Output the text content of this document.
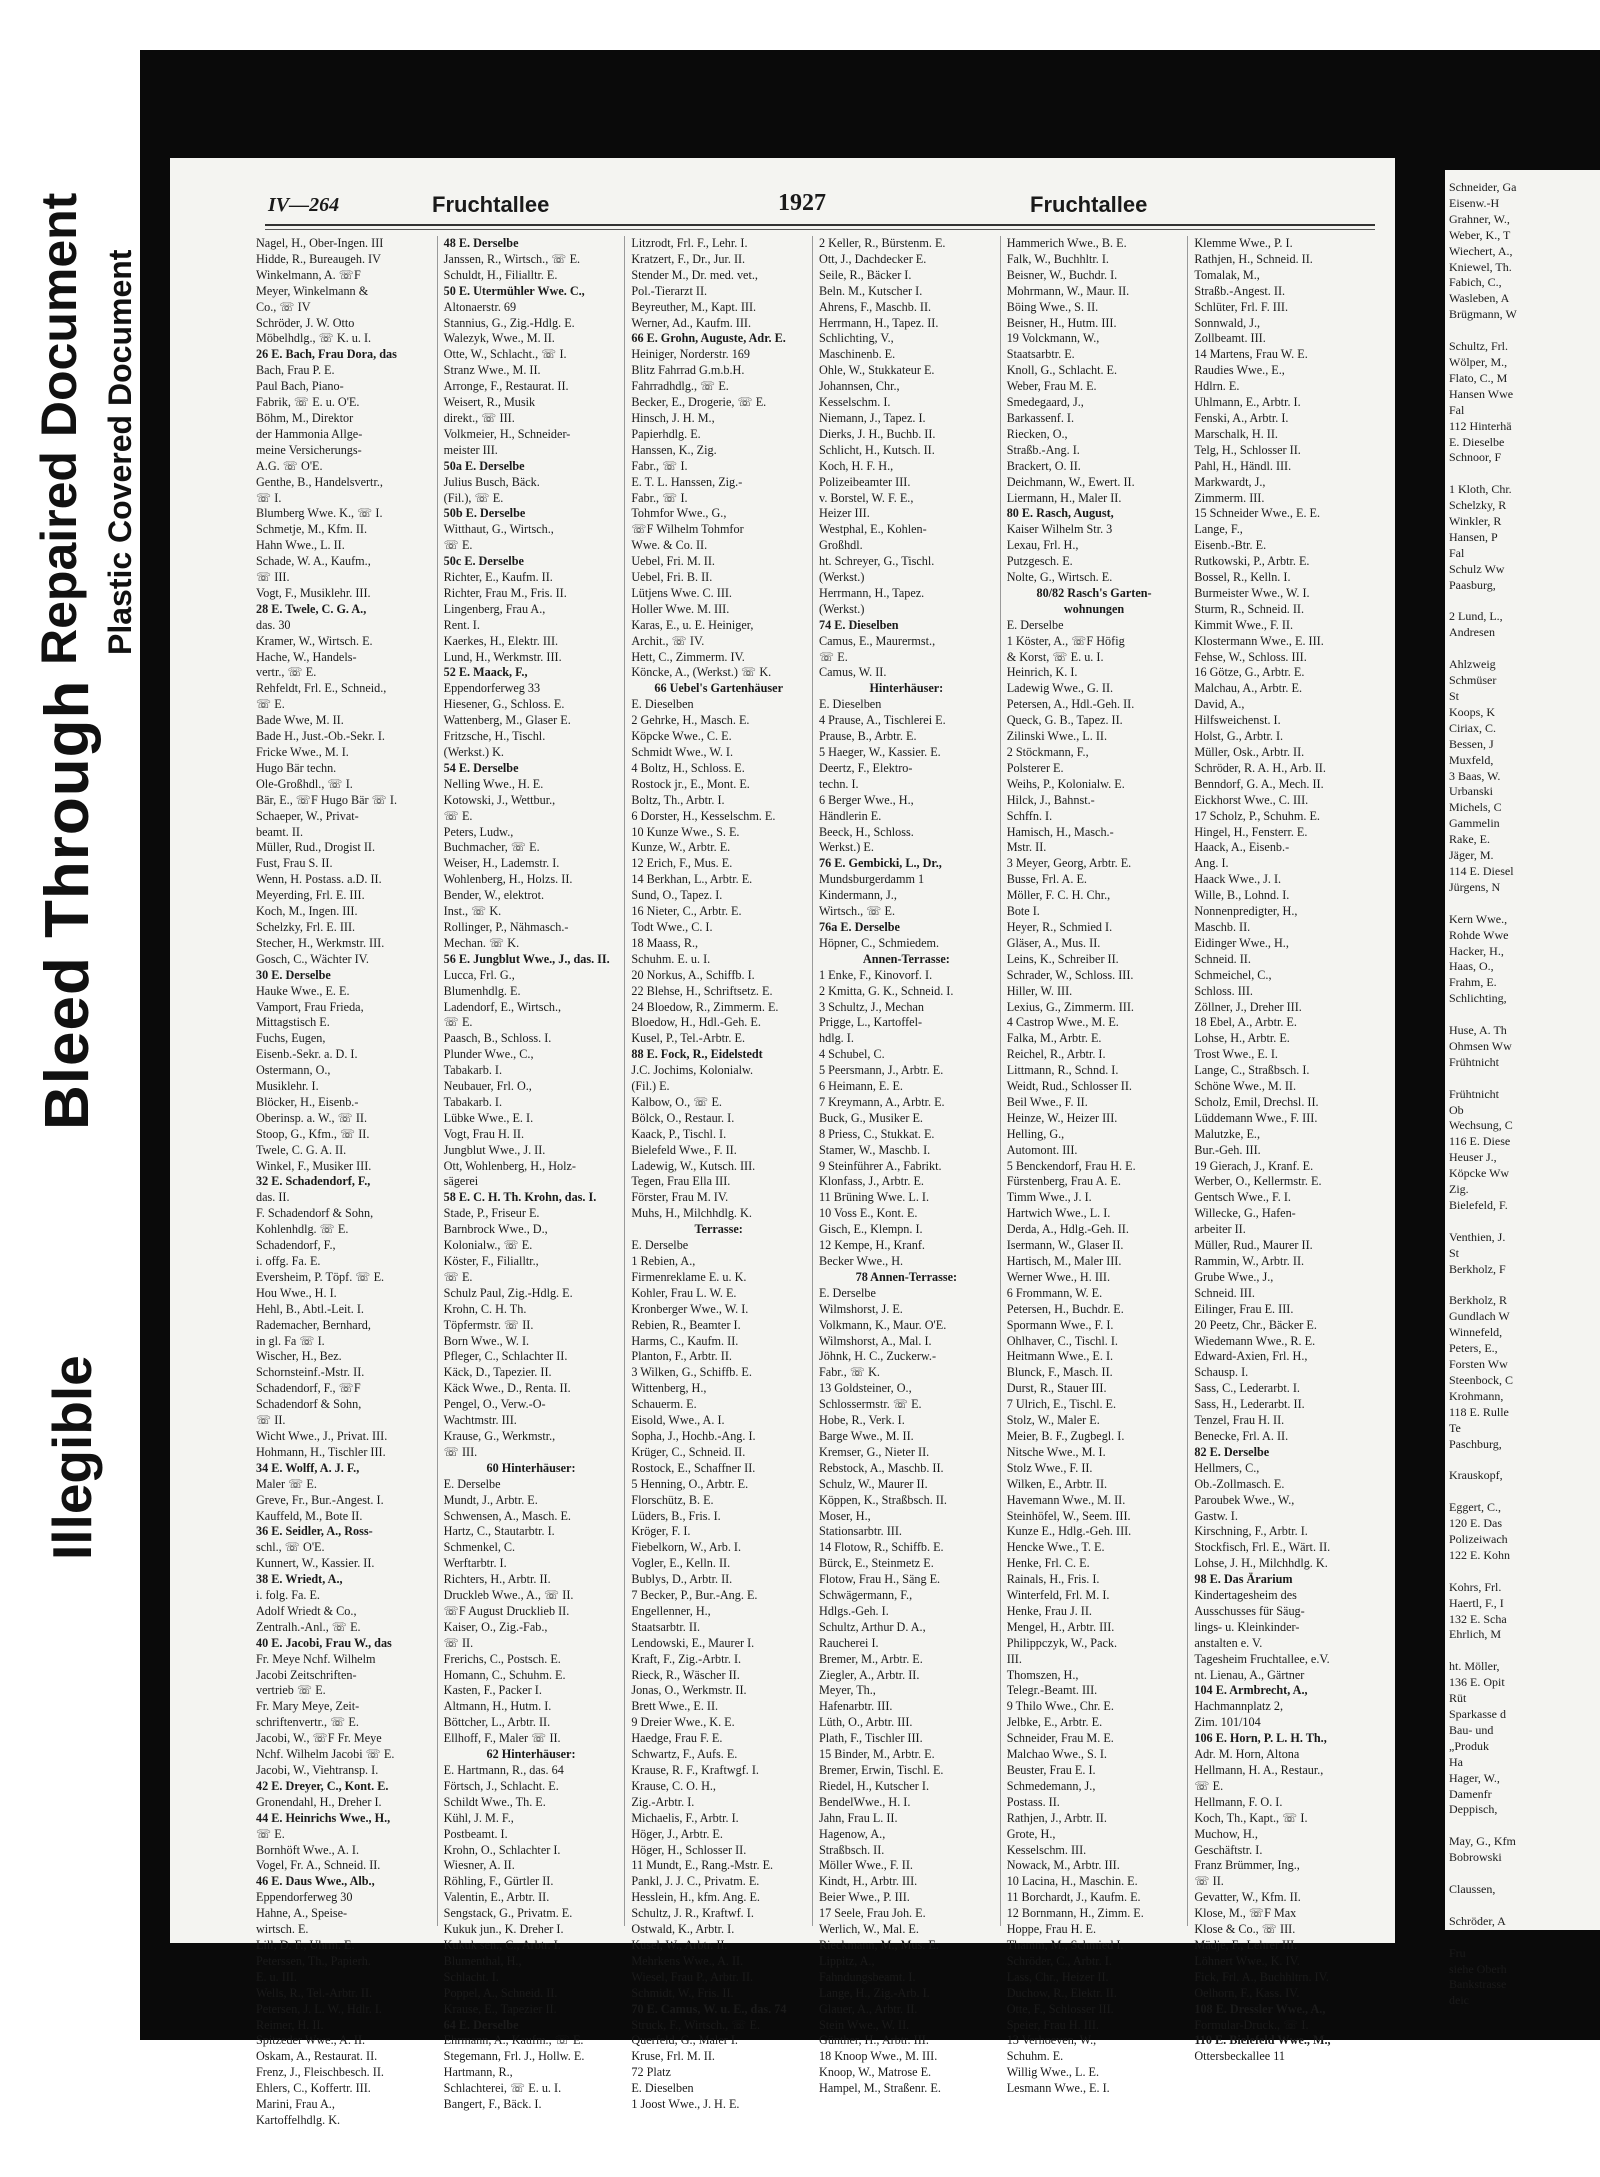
Bleed Through
Repaired Document
Illegible
Plastic Covered Document
IV—264	Fruchtallee	1927	Fruchtallee
Nagel, H., Ober-Ingen. III
Hidde, R., Bureaugeh. IV
Winkelmann, A. ☏F
Meyer, Winkelmann &
Co., ☏ IV
Schröder, J. W. Otto
Möbelhdlg., ☏ K. u. I.
26 E. Bach, Frau Dora, das
Bach, Frau P. E.
Paul Bach, Piano-
Fabrik, ☏ E. u. O'E.
Böhm, M., Direktor
der Hammonia Allge-
meine Versicherungs-
A.G. ☏ O'E.
Genthe, B., Handelsvertr.,
☏ I.
Blumberg Wwe. K., ☏ I.
Schmetje, M., Kfm. II.
Hahn Wwe., L. II.
Schade, W. A., Kaufm.,
☏ III.
Vogt, F., Musiklehr. III.
28 E. Twele, C. G. A.,
das. 30
Kramer, W., Wirtsch. E.
Hache, W., Handels-
vertr., ☏ E.
Rehfeldt, Frl. E., Schneid.,
☏ E.
Bade Wwe, M. II.
Bade H., Just.-Ob.-Sekr. I.
Fricke Wwe., M. I.
Hugo Bär techn.
Ole-Großhdl., ☏ I.
Bär, E., ☏F Hugo Bär ☏ I.
Schaeper, W., Privat-
beamt. II.
Müller, Rud., Drogist II.
Fust, Frau S. II.
Wenn, H. Postass. a.D. II.
Meyerding, Frl. E. III.
Koch, M., Ingen. III.
Schelzky, Frl. E. III.
Stecher, H., Werkmstr. III.
Gosch, C., Wächter IV.
30 E. Derselbe
Hauke Wwe., E. E.
Vamport, Frau Frieda,
Mittagstisch E.
Fuchs, Eugen,
Eisenb.-Sekr. a. D. I.
Ostermann, O.,
Musiklehr. I.
Blöcker, H., Eisenb.-
Oberinsp. a. W., ☏ II.
Stoop, G., Kfm., ☏ II.
Twele, C. G. A. II.
Winkel, F., Musiker III.
32 E. Schadendorf, F.,
das. II.
F. Schadendorf & Sohn,
Kohlenhdlg. ☏ E.
Schadendorf, F.,
i. offg. Fa. E.
Eversheim, P. Töpf. ☏ E.
Hou Wwe., H. I.
Hehl, B., Abtl.-Leit. I.
Rademacher, Bernhard,
in gl. Fa ☏ I.
Wischer, H., Bez.
Schornsteinf.-Mstr. II.
Schadendorf, F., ☏F
Schadendorf & Sohn,
☏ II.
Wicht Wwe., J., Privat. III.
Hohmann, H., Tischler III.
34 E. Wolff, A. J. F.,
Maler ☏ E.
Greve, Fr., Bur.-Angest. I.
Kauffeld, M., Bote II.
36 E. Seidler, A., Ross-
schl., ☏ O'E.
Kunnert, W., Kassier. II.
38 E. Wriedt, A.,
i. folg. Fa. E.
Adolf Wriedt & Co.,
Zentralh.-Anl., ☏ E.
40 E. Jacobi, Frau W., das
Fr. Meye Nchf. Wilhelm
Jacobi Zeitschriften-
vertrieb ☏ E.
Fr. Mary Meye, Zeit-
schriftenvertr., ☏ E.
Jacobi, W., ☏F Fr. Meye
Nchf. Wilhelm Jacobi ☏ E.
Jacobi, W., Viehtransp. I.
42 E. Dreyer, C., Kont. E.
Gronendahl, H., Dreher I.
44 E. Heinrichs Wwe., H.,
☏ E.
Bornhöft Wwe., A. I.
Vogel, Fr. A., Schneid. II.
46 E. Daus Wwe., Alb.,
Eppendorferweg 30
Hahne, A., Speise-
wirtsch. E.
Lill, D. F., Uhrm. E.
Peterssen, Th., Papierh.
E. u. III.
Wells, R., Tel.-Arbtr. II.
Petersen, J. L. W., Hdlr. I.
Reimer, H. II.
Spitzeder Wwe., A. II.
Oskam, A., Restaurat. II.
Frenz, J., Fleischbesch. II.
Ehlers, C., Koffertr. III.
Marini, Frau A.,
Kartoffelhdlg. K.
48 E. Derselbe
Janssen, R., Wirtsch., ☏ E.
Schuldt, H., Filialltr. E.
50 E. Utermühler Wwe. C.,
Altonaerstr. 69
Stannius, G., Zig.-Hdlg. E.
Walezyk, Wwe., M. II.
Otte, W., Schlacht., ☏ I.
Stranz Wwe., M. II.
Arronge, F., Restaurat. II.
Weisert, R., Musik
direkt., ☏ III.
Volkmeier, H., Schneider-
meister III.
50a E. Derselbe
Julius Busch, Bäck.
(Fil.), ☏ E.
50b E. Derselbe
Witthaut, G., Wirtsch.,
☏ E.
50c E. Derselbe
Richter, E., Kaufm. II.
Richter, Frau M., Fris. II.
Lingenberg, Frau A.,
Rent. I.
Kaerkes, H., Elektr. III.
Lund, H., Werkmstr. III.
52 E. Maack, F.,
Eppendorferweg 33
Hiesener, G., Schloss. E.
Wattenberg, M., Glaser E.
Fritzsche, H., Tischl.
(Werkst.) K.
54 E. Derselbe
Nelling Wwe., H. E.
Kotowski, J., Wettbur.,
☏ E.
Peters, Ludw.,
Buchmacher, ☏ E.
Weiser, H., Lademstr. I.
Wohlenberg, H., Holzs. II.
Bender, W., elektrot.
Inst., ☏ K.
Rollinger, P., Nähmasch.-
Mechan. ☏ K.
56 E. Jungblut Wwe., J., das. II.
Lucca, Frl. G.,
Blumenhdlg. E.
Ladendorf, E., Wirtsch.,
☏ E.
Paasch, B., Schloss. I.
Plunder Wwe., C.,
Tabakarb. I.
Neubauer, Frl. O.,
Tabakarb. I.
Lübke Wwe., E. I.
Vogt, Frau H. II.
Jungblut Wwe., J. II.
Ott, Wohlenberg, H., Holz-
sägerei
58 E. C. H. Th. Krohn, das. I.
Stade, P., Friseur E.
Barnbrock Wwe., D.,
Kolonialw., ☏ E.
Köster, F., Filialltr.,
☏ E.
Schulz Paul, Zig.-Hdlg. E.
Krohn, C. H. Th.
Töpfermstr. ☏ II.
Born Wwe., W. I.
Pfleger, C., Schlachter II.
Käck, D., Tapezier. II.
Käck Wwe., D., Renta. II.
Pengel, O., Verw.-O-
Wachtmstr. III.
Krause, G., Werkmstr.,
☏ III.
60 Hinterhäuser:
E. Derselbe
Mundt, J., Arbtr. E.
Schwensen, A., Masch. E.
Hartz, C., Stautarbtr. I.
Schmenkel, C.
Werftarbtr. I.
Richters, H., Arbtr. II.
Druckleb Wwe., A., ☏ II.
☏F August Drucklieb II.
Kaiser, O., Zig.-Fab.,
☏ II.
Frerichs, C., Postsch. E.
Homann, C., Schuhm. E.
Kasten, F., Packer I.
Altmann, H., Hutm. I.
Böttcher, L., Arbtr. II.
Ellhoff, F., Maler ☏ II.
62 Hinterhäuser:
E. Hartmann, R., das. 64
Förtsch, J., Schlacht. E.
Schildt Wwe., Th. E.
Kühl, J. M. F.,
Postbeamt. I.
Krohn, O., Schlachter I.
Wiesner, A. II.
Röhling, F., Gürtler II.
Valentin, E., Arbtr. II.
Sengstack, G., Privatm. E.
Kukuk jun., K. Dreher I.
Kukuk sen., C., Arbtr. I.
Blumenthal, H.,
Schlacht. I.
Poppel, A., Schneid. II.
Krause, E., Tapezier II.
64 E. Derselbe
Ehrmann, A., Kaufm., ☏ E.
Stegemann, Frl. J., Hollw. E.
Hartmann, R.,
Schlachterei, ☏ E. u. I.
Bangert, F., Bäck. I.
Litzrodt, Frl. F., Lehr. I.
Kratzert, F., Dr., Jur. II.
Stender M., Dr. med. vet.,
Pol.-Tierarzt II.
Beyreuther, M., Kapt. III.
Werner, Ad., Kaufm. III.
66 E. Grohn, Auguste, Adr. E.
Heiniger, Norderstr. 169
Blitz Fahrrad G.m.b.H.
Fahrradhdlg., ☏ E.
Becker, E., Drogerie, ☏ E.
Hinsch, J. H. M.,
Papierhdlg. E.
Hanssen, K., Zig.
Fabr., ☏ I.
E. T. L. Hanssen, Zig.-
Fabr., ☏ I.
Tohmfor Wwe., G.,
☏F Wilhelm Tohmfor
Wwe. & Co. II.
Uebel, Fri. M. II.
Uebel, Fri. B. II.
Lütjens Wwe. C. III.
Holler Wwe. M. III.
Karas, E., u. E. Heiniger,
Archit., ☏ IV.
Hett, C., Zimmerm. IV.
Köncke, A., (Werkst.) ☏ K.
66 Uebel's Gartenhäuser
E. Dieselben
2 Gehrke, H., Masch. E.
Köpcke Wwe., C. E.
Schmidt Wwe., W. I.
4 Boltz, H., Schloss. E.
Rostock jr., E., Mont. E.
Boltz, Th., Arbtr. I.
6 Dorster, H., Kesselschm. E.
10 Kunze Wwe., S. E.
Kunze, W., Arbtr. E.
12 Erich, F., Mus. E.
14 Berkhan, L., Arbtr. E.
Sund, O., Tapez. I.
16 Nieter, C., Arbtr. E.
Todt Wwe., C. I.
18 Maass, R.,
Schuhm. E. u. I.
20 Norkus, A., Schiffb. I.
22 Blehse, H., Schriftsetz. E.
24 Bloedow, R., Zimmerm. E.
Bloedow, H., Hdl.-Geh. E.
Kusel, P., Tel.-Arbtr. E.
88 E. Fock, R., Eidelstedt
J.C. Jochims, Kolonialw.
(Fil.) E.
Kalbow, O., ☏ E.
Bölck, O., Restaur. I.
Kaack, P., Tischl. I.
Bielefeld Wwe., F. II.
Ladewig, W., Kutsch. III.
Tegen, Frau Ella III.
Förster, Frau M. IV.
Muhs, H., Milchhdlg. K.
Terrasse:
E. Derselbe
1 Rebien, A.,
Firmenreklame E. u. K.
Kohler, Frau L. W. E.
Kronberger Wwe., W. I.
Rebien, R., Beamter I.
Harms, C., Kaufm. II.
Planton, F., Arbtr. II.
3 Wilken, G., Schiffb. E.
Wittenberg, H.,
Schauerm. E.
Eisold, Wwe., A. I.
Sopha, J., Hochb.-Ang. I.
Krüger, C., Schneid. II.
Rostock, E., Schaffner II.
5 Henning, O., Arbtr. E.
Florschütz, B. E.
Lüders, B., Fris. I.
Kröger, F. I.
Fiebelkorn, W., Arb. I.
Vogler, E., Kelln. II.
Bublys, D., Arbtr. II.
7 Becker, P., Bur.-Ang. E.
Engellenner, H.,
Staatsarbtr. II.
Lendowski, E., Maurer I.
Kraft, F., Zig.-Arbtr. I.
Rieck, R., Wäscher II.
Jonas, O., Werkmstr. II.
Brett Wwe., E. II.
9 Dreier Wwe., K. E.
Haedge, Frau F. E.
Schwartz, F., Aufs. E.
Krause, R. F., Kraftwgf. I.
Krause, C. O. H.,
Zig.-Arbtr. I.
Michaelis, F., Arbtr. I.
Höger, J., Arbtr. E.
Höger, H., Schlosser II.
11 Mundt, E., Rang.-Mstr. E.
Pankl, J. J. C., Privatm. E.
Hesslein, H., kfm. Ang. E.
Schultz, J. R., Kraftwf. I.
Ostwald, K., Arbtr. I.
Kusel, W., Arbtr. II.
Mehrkens Wwe., A. II.
Wiesel, Frau P., Arbtr. II.
Schmidt, W., Fris. II.
70 E. Camus, W. u. E., das. 74
Struck, F., Wirtsch., ☏ E.
Querfeld, G., Maler I.
Kruse, Frl. M. II.
72 Platz
E. Dieselben
1 Joost Wwe., J. H. E.
2 Keller, R., Bürstenm. E.
Ott, J., Dachdecker E.
Seile, R., Bäcker I.
Beln. M., Kutscher I.
Ahrens, F., Maschb. II.
Herrmann, H., Tapez. II.
Schlichting, V.,
Maschinenb. E.
Ohle, W., Stukkateur E.
Johannsen, Chr.,
Kesselschm. I.
Niemann, J., Tapez. I.
Dierks, J. H., Buchb. II.
Schlicht, H., Kutsch. II.
Koch, H. F. H.,
Polizeibeamter III.
v. Borstel, W. F. E.,
Heizer III.
Westphal, E., Kohlen-
Großhdl.
ht. Schreyer, G., Tischl.
(Werkst.)
Herrmann, H., Tapez.
(Werkst.)
74 E. Dieselben
Camus, E., Maurermst.,
☏ E.
Camus, W. II.
Hinterhäuser:
E. Dieselben
4 Prause, A., Tischlerei E.
Prause, B., Arbtr. E.
5 Haeger, W., Kassier. E.
Deertz, F., Elektro-
techn. I.
6 Berger Wwe., H.,
Händlerin E.
Beeck, H., Schloss.
Werkst.) E.
76 E. Gembicki, L., Dr.,
Mundsburgerdamm 1
Kindermann, J.,
Wirtsch., ☏ E.
76a E. Derselbe
Höpner, C., Schmiedem.
Annen-Terrasse:
1 Enke, F., Kinovorf. I.
2 Kmitta, G. K., Schneid. I.
3 Schultz, J., Mechan
Prigge, L., Kartoffel-
hdlg. I.
4 Schubel, C.
5 Peersmann, J., Arbtr. E.
6 Heimann, E. E.
7 Kreymann, A., Arbtr. E.
Buck, G., Musiker E.
8 Priess, C., Stukkat. E.
Stamer, W., Maschb. I.
9 Steinführer A., Fabrikt.
Klonfass, J., Arbtr. E.
11 Brüning Wwe. L. I.
10 Voss E., Kont. E.
Gisch, E., Klempn. I.
12 Kempe, H., Kranf.
Becker Wwe., H.
78 Annen-Terrasse:
E. Derselbe
Wilmshorst, J. E.
Volkmann, K., Maur. O'E.
Wilmshorst, A., Mal. I.
Jöhnk, H. C., Zuckerw.-
Fabr., ☏ K.
13 Goldsteiner, O.,
Schlossermstr. ☏ E.
Hobe, R., Verk. I.
Barge Wwe., M. II.
Kremser, G., Nieter II.
Rebstock, A., Maschb. II.
Schulz, W., Maurer II.
Köppen, K., Straßbsch. II.
Moser, H.,
Stationsarbtr. III.
14 Flotow, R., Schiffb. E.
Bürck, E., Steinmetz E.
Flotow, Frau H., Säng E.
Schwägermann, F.,
Hdlgs.-Geh. I.
Schultz, Arthur D. A.,
Raucherei I.
Bremer, M., Arbtr. E.
Ziegler, A., Arbtr. II.
Meyer, Th.,
Hafenarbtr. III.
Lüth, O., Arbtr. III.
Plath, F., Tischler III.
15 Binder, M., Arbtr. E.
Bremer, Erwin, Tischl. E.
Riedel, H., Kutscher I.
BendelWwe., H. I.
Jahn, Frau L. II.
Hagenow, A.,
Straßbsch. II.
Möller Wwe., F. II.
Kindt, H., Arbtr. III.
Beier Wwe., P. III.
17 Seele, Frau Joh. E.
Werlich, W., Mal. E.
Rieckmann, M., Mus. E.
Lippitz, A.,
Fahndungsbeamt. I.
Lange, H., Zig.-Arb. I.
Glauer, A., Arbtr. II.
Stein Wwe., W. II.
Günther, H., Arbtr. III.
18 Knoop Wwe., M. III.
Knoop, W., Matrose E.
Hampel, M., Straßenr. E.
Hammerich Wwe., B. E.
Falk, W., Buchhltr. I.
Beisner, W., Buchdr. I.
Mohrmann, W., Maur. II.
Böing Wwe., S. II.
Beisner, H., Hutm. III.
19 Volckmann, W.,
Staatsarbtr. E.
Knoll, G., Schlacht. E.
Weber, Frau M. E.
Smedegaard, J.,
Barkassenf. I.
Riecken, O.,
Straßb.-Ang. I.
Brackert, O. II.
Deichmann, W., Ewert. II.
Liermann, H., Maler II.
80 E. Rasch, August,
Kaiser Wilhelm Str. 3
Lexau, Frl. H.,
Putzgesch. E.
Nolte, G., Wirtsch. E.
80/82 Rasch's Garten-
wohnungen
E. Derselbe
1 Köster, A., ☏F Höfig
& Korst, ☏ E. u. I.
Heinrich, K. I.
Ladewig Wwe., G. II.
Petersen, A., Hdl.-Geh. II.
Queck, G. B., Tapez. II.
Zilinski Wwe., L. II.
2 Stöckmann, F.,
Polsterer E.
Weihs, P., Kolonialw. E.
Hilck, J., Bahnst.-
Schffn. I.
Hamisch, H., Masch.-
Mstr. II.
3 Meyer, Georg, Arbtr. E.
Busse, Frl. A. E.
Möller, F. C. H. Chr.,
Bote I.
Heyer, R., Schmied I.
Gläser, A., Mus. II.
Leins, K., Schreiber II.
Schrader, W., Schloss. III.
Hiller, W. III.
Lexius, G., Zimmerm. III.
4 Castrop Wwe., M. E.
Falka, M., Arbtr. E.
Reichel, R., Arbtr. I.
Littmann, R., Schnd. I.
Weidt, Rud., Schlosser II.
Beil Wwe., F. II.
Heinze, W., Heizer III.
Helling, G.,
Automont. III.
5 Benckendorf, Frau H. E.
Fürstenberg, Frau A. E.
Timm Wwe., J. I.
Hartwich Wwe., L. I.
Derda, A., Hdlg.-Geh. II.
Isermann, W., Glaser II.
Hartisch, M., Maler III.
Werner Wwe., H. III.
6 Frommann, W. E.
Petersen, H., Buchdr. E.
Spormann Wwe., F. I.
Ohlhaver, C., Tischl. I.
Heitmann Wwe., E. I.
Blunck, F., Masch. II.
Durst, R., Stauer III.
7 Ulrich, E., Tischl. E.
Stolz, W., Maler E.
Meier, B. F., Zugbegl. I.
Nitsche Wwe., M. I.
Stolz Wwe., F. II.
Wilken, E., Arbtr. II.
Havemann Wwe., M. II.
Steinhöfel, W., Seem. III.
Kunze E., Hdlg.-Geh. III.
Hencke Wwe., T. E.
Henke, Frl. C. E.
Rainals, H., Fris. I.
Winterfeld, Frl. M. I.
Henke, Frau J. II.
Mengel, H., Arbtr. III.
Philippczyk, W., Pack.
III.
Thomszen, H.,
Telegr.-Beamt. III.
9 Thilo Wwe., Chr. E.
Jelbke, E., Arbtr. E.
Schneider, Frau M. E.
Malchao Wwe., S. I.
Beuster, Frau E. I.
Schmedemann, J.,
Postass. II.
Rathjen, J., Arbtr. II.
Grote, H.,
Kesselschm. III.
Nowack, M., Arbtr. III.
10 Lacina, H., Maschin. E.
11 Borchardt, J., Kaufm. E.
12 Bornmann, H., Zimm. E.
Hoppe, Frau H. E.
Thamm, M., Schmied I.
Schröder, C., Arbtr. I.
Lass, Chr., Heizer II.
Duchow, R., Elektr. II.
Otte, F., Schlosser III.
Speier, Frau H. III.
13 Verhoeven, W.,
Schuhm. E.
Willig Wwe., L. E.
Lesmann Wwe., E. I.
Klemme Wwe., P. I.
Rathjen, H., Schneid. II.
Tomalak, M.,
Straßb.-Angest. II.
Schlüter, Frl. F. III.
Sonnwald, J.,
Zollbeamt. III.
14 Martens, Frau W. E.
Raudies Wwe., E.,
Hdlrn. E.
Uhlmann, E., Arbtr. I.
Fenski, A., Arbtr. I.
Marschalk, H. II.
Telg, H., Schlosser II.
Pahl, H., Händl. III.
Markwardt, J.,
Zimmerm. III.
15 Schneider Wwe., E. E.
Lange, F.,
Eisenb.-Btr. E.
Rutkowski, P., Arbtr. E.
Bossel, R., Kelln. I.
Burmeister Wwe., W. I.
Sturm, R., Schneid. II.
Kimmit Wwe., F. II.
Klostermann Wwe., E. III.
Fehse, W., Schloss. III.
16 Götze, G., Arbtr. E.
Malchau, A., Arbtr. E.
David, A.,
Hilfsweichenst. I.
Holst, G., Arbtr. I.
Müller, Osk., Arbtr. II.
Schröder, R. A. H., Arb. II.
Benndorf, G. A., Mech. II.
Eickhorst Wwe., C. III.
17 Scholz, P., Schuhm. E.
Hingel, H., Fensterr. E.
Haack, A., Eisenb.-
Ang. I.
Haack Wwe., J. I.
Wille, B., Lohnd. I.
Nonnenpredigter, H.,
Maschb. II.
Eidinger Wwe., H.,
Schneid. II.
Schmeichel, C.,
Schloss. III.
Zöllner, J., Dreher III.
18 Ebel, A., Arbtr. E.
Lohse, H., Arbtr. E.
Trost Wwe., E. I.
Lange, C., Straßbsch. I.
Schöne Wwe., M. II.
Scholz, Emil, Drechsl. II.
Lüddemann Wwe., F. III.
Malutzke, E.,
Bur.-Geh. III.
19 Gierach, J., Kranf. E.
Werber, O., Kellermstr. E.
Gentsch Wwe., F. I.
Willecke, G., Hafen-
arbeiter II.
Müller, Rud., Maurer II.
Rammin, W., Arbtr. II.
Grube Wwe., J.,
Schneid. III.
Eilinger, Frau E. III.
20 Peetz, Chr., Bäcker E.
Wiedemann Wwe., R. E.
Edward-Axien, Frl. H.,
Schausp. I.
Sass, C., Lederarbt. I.
Sass, H., Lederarbt. II.
Tenzel, Frau H. II.
Benecke, Frl. A. II.
82 E. Derselbe
Hellmers, C.,
Ob.-Zollmasch. E.
Paroubek Wwe., W.,
Gastw. I.
Kirschning, F., Arbtr. I.
Stockfisch, Frl. E., Wärt. II.
Lohse, J. H., Milchhdlg. K.
98 E. Das Ärarium
Kindertagesheim des
Ausschusses für Säug-
lings- u. Kleinkinder-
anstalten e. V.
Tagesheim Fruchtallee, e.V.
nt. Lienau, A., Gärtner
104 E. Armbrecht, A.,
Hachmannplatz 2,
Zim. 101/104
106 E. Horn, P. L. H. Th.,
Adr. M. Horn, Altona
Hellmann, H. A., Restaur.,
☏ E.
Hellmann, F. O. I.
Koch, Th., Kapt., ☏ I.
Muchow, H.,
Geschäftstr. I.
Franz Brümmer, Ing.,
☏ II.
Gevatter, W., Kfm. II.
Klose, M., ☏F Max
Klose & Co., ☏ III.
Mädje, F., Lehrer III.
Löhnert Wwe., K. IV.
Fick, Frl. A., Buchhltrn. IV.
Oelhorn, F., Kass. IV.
108 E. Dressler Wwe., A.,
Formular-Druck., ☏ I.
110 E. Bielefeld Wwe., M.,
Ottersbeckallee 11
Schneider, Ga
Eisenw.-H
Grahner, W.,
Weber, K., T
Wiechert, A.,
Kniewel, Th.
Fabich, C.,
Wasleben, A
Brügmann, W

Schultz, Frl.
Wölper, M.,
Flato, C., M
Hansen Wwe
Fal
112 Hinterhä
E. Dieselbe
Schnoor, F

1 Kloth, Chr.
Schelzky, R
Winkler, R
Hansen, P
Fal
Schulz Ww
Paasburg,

2 Lund, L.,
Andresen

Ahlzweig
Schmüser
St
Koops, K
Ciriax, C.
Bessen, J
Muxfeld,
3 Baas, W.
Urbanski
Michels, C
Gammelin
Rake, E.
Jäger, M.
114 E. Diesel
Jürgens, N

Kern Wwe.,
Rohde Wwe
Hacker, H.,
Haas, O.,
Frahm, E.
Schlichting,

Huse, A. Th
Ohmsen Ww
Frühtnicht

Frühtnicht
Ob
Wechsung, C
116 E. Diese
Heuser J.,
Köpcke Ww
Zig.
Bielefeld, F.

Venthien, J.
St
Berkholz, F

Berkholz, R
Gundlach W
Winnefeld,
Peters, E.,
Forsten Ww
Steenbock, C
Krohmann,
118 E. Rulle
Te
Paschburg,

Krauskopf,

Eggert, C.,
120 E. Das
Polizeiwach
122 E. Kohn

Kohrs, Frl.
Haertl, F., I
132 E. Scha
Ehrlich, M

ht. Möller,
136 E. Opit
Rüt
Sparkasse d
Bau- und
„Produk
Ha
Hager, W.,
Damenfr
Deppisch,

May, G., Kfm
Bobrowski

Claussen,

Schröder, A

Fru
siehe Oberh
Bankstrasse
deic
